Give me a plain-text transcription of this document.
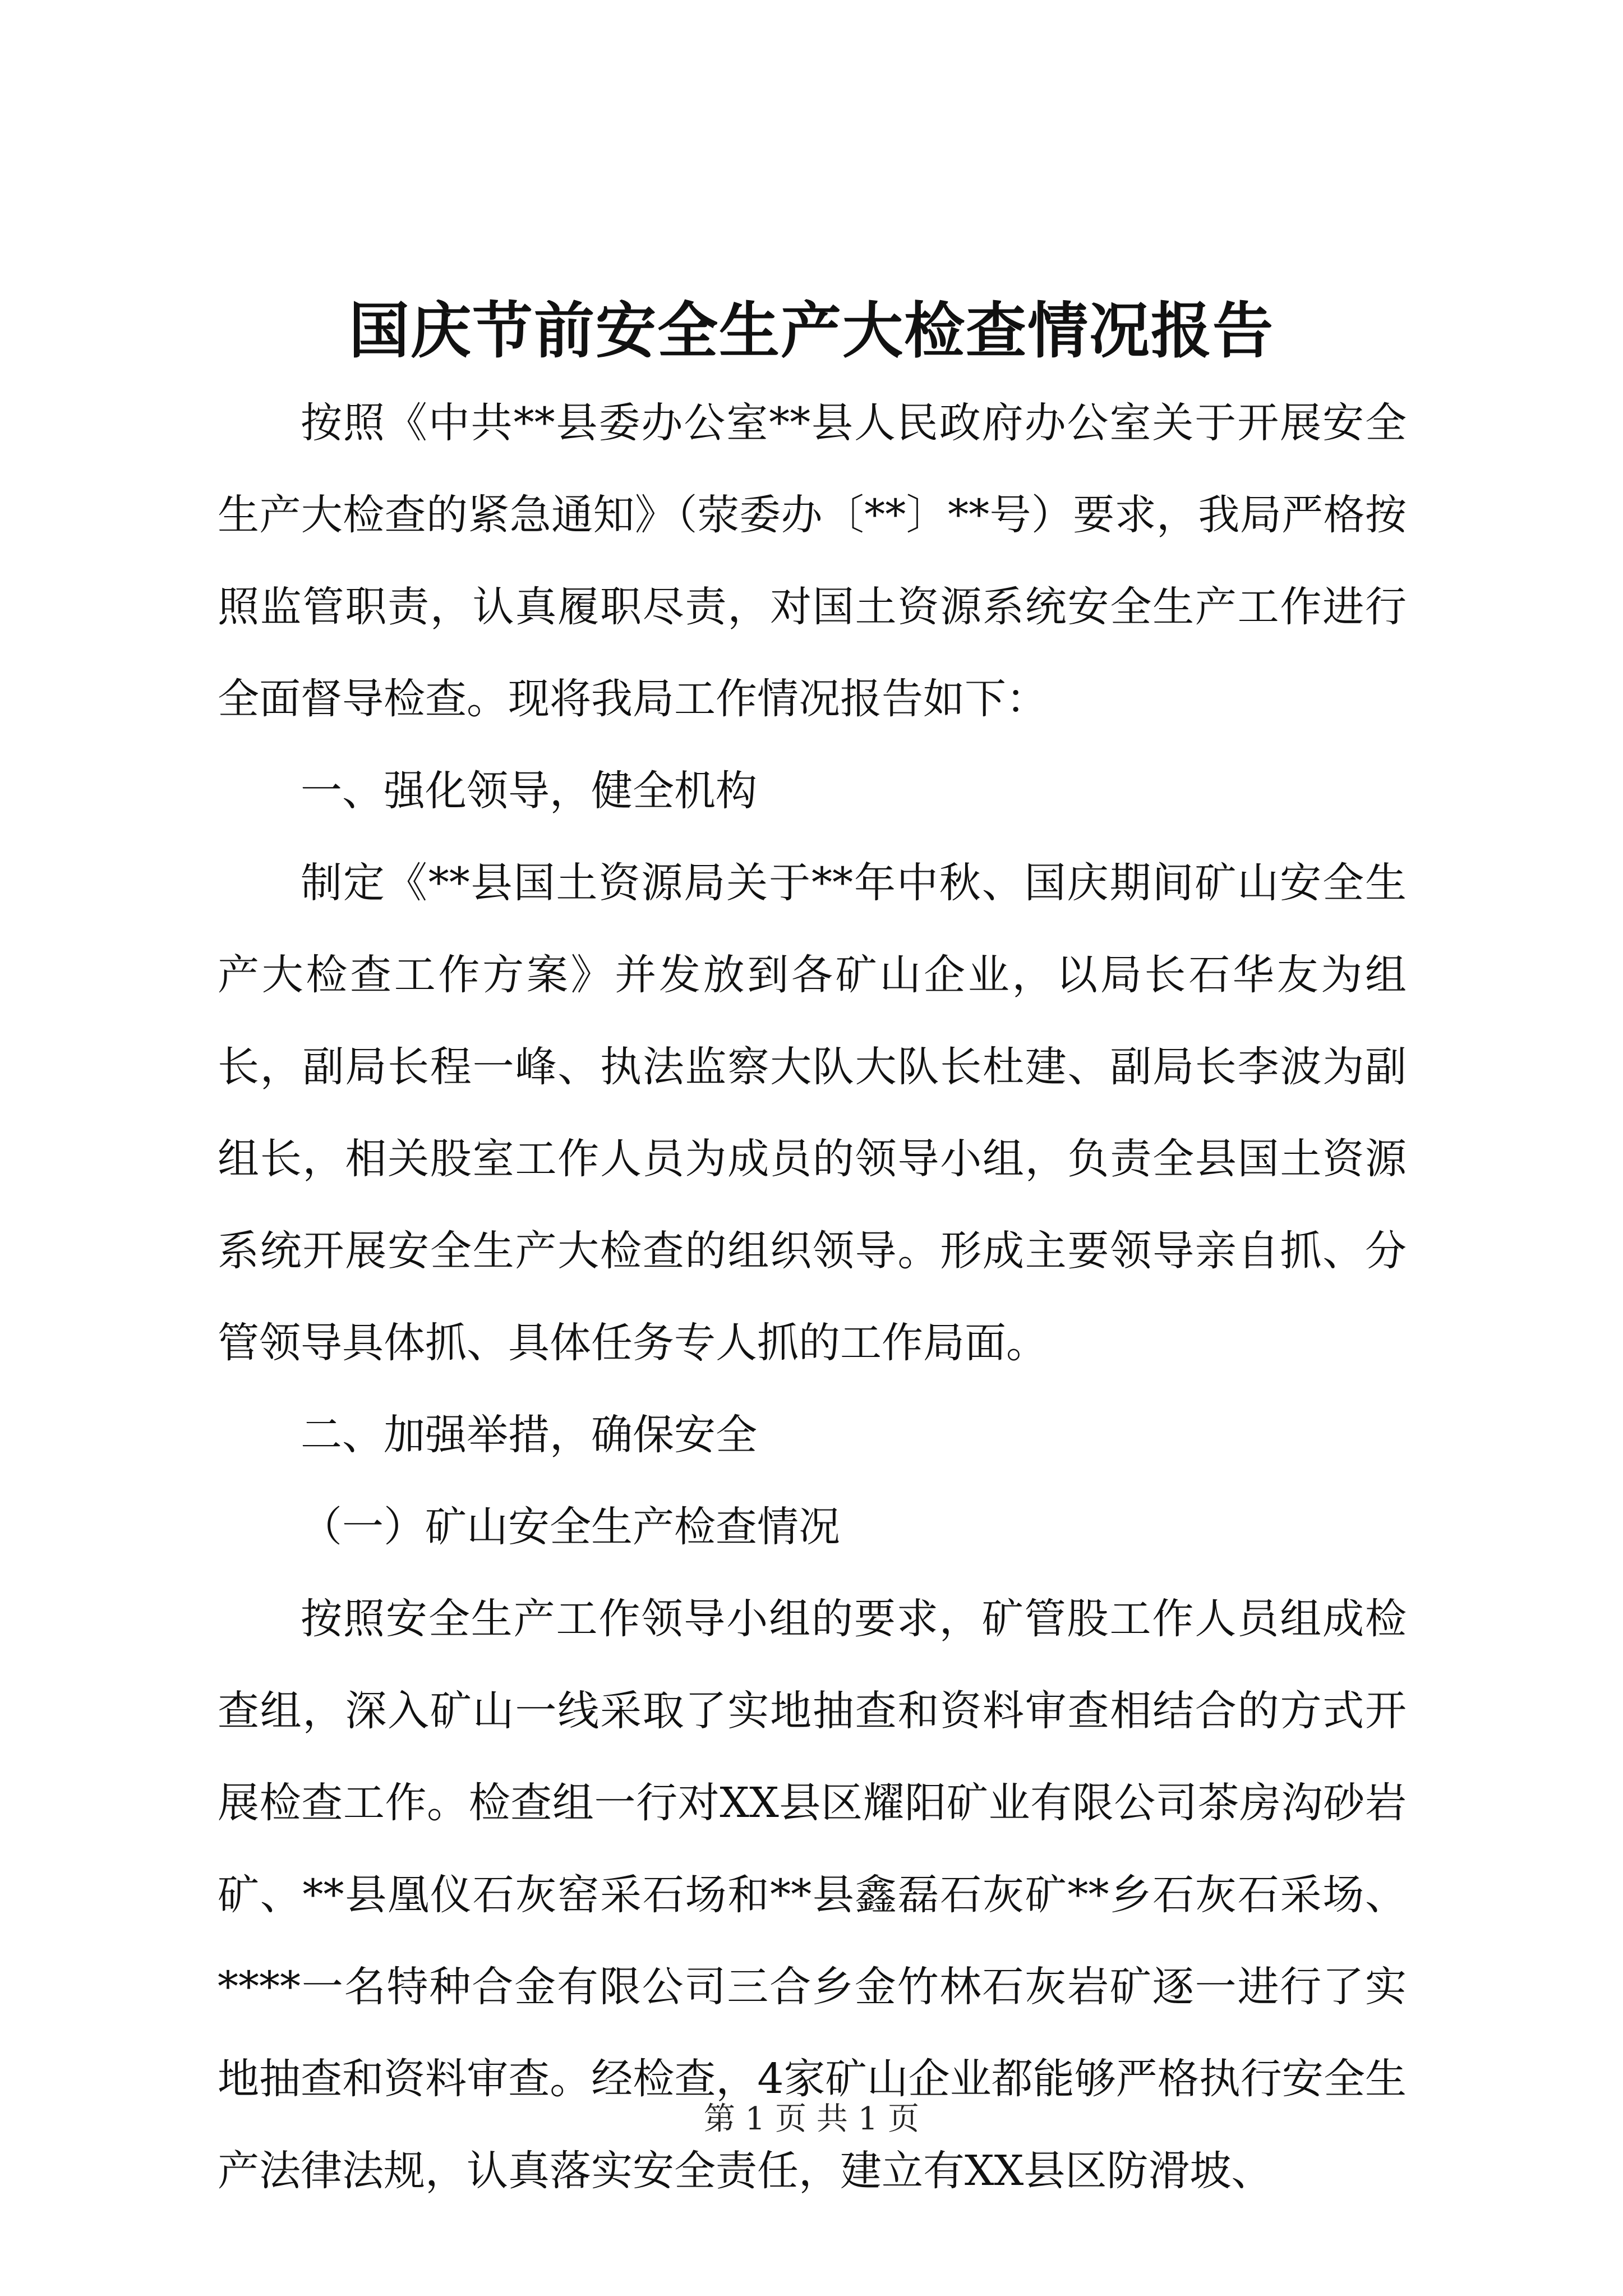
国庆节前安全生产大检查情况报告

按照《中共**县委办公室**县人民政府办公室关于开展安全生产大检查的紧急通知》（荥委办〔**〕**号）要求，我局严格按照监管职责，认真履职尽责，对国土资源系统安全生产工作进行全面督导检查。现将我局工作情况报告如下：

一、强化领导，健全机构

制定《**县国土资源局关于**年中秋、国庆期间矿山安全生产大检查工作方案》并发放到各矿山企业，以局长石华友为组长，副局长程一峰、执法监察大队大队长杜建、副局长李波为副组长，相关股室工作人员为成员的领导小组，负责全县国土资源系统开展安全生产大检查的组织领导。形成主要领导亲自抓、分管领导具体抓、具体任务专人抓的工作局面。

二、加强举措，确保安全

（一）矿山安全生产检查情况

按照安全生产工作领导小组的要求，矿管股工作人员组成检查组，深入矿山一线采取了实地抽查和资料审查相结合的方式开展检查工作。检查组一行对XX县区耀阳矿业有限公司茶房沟砂岩矿、**县凰仪石灰窑采石场和**县鑫磊石灰矿**乡石灰石采场、****一名特种合金有限公司三合乡金竹林石灰岩矿逐一进行了实地抽查和资料审查。经检查，4家矿山企业都能够严格执行安全生产法律法规，认真落实安全责任，建立有XX县区防滑坡、

第 1 页 共 1 页
